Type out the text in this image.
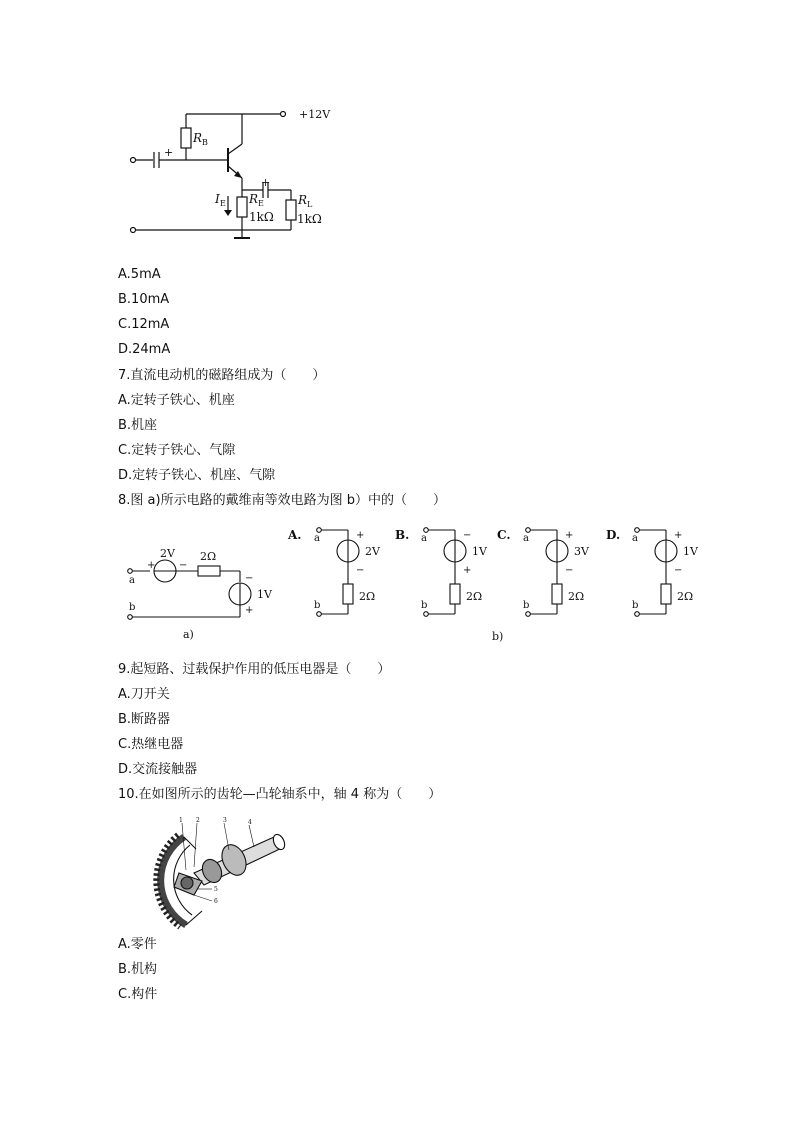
+12V
+
+
R B
R E
1kΩ
R L
1kΩ
I E
A.5mA
B.10mA
C.12mA
D.24mA
7.直流电动机的磁路组成为（　　）
A.定转子铁心、机座
B.机座
C.定转子铁心、气隙
D.定转子铁心、机座、气隙
8.图 a)所示电路的戴维南等效电路为图 b）中的（　　）
2V
+ −
2Ω
−
1V
+
a
b
a)
A. a
b
+
2V
−
2Ω
B. a
b
−
1V
+
2Ω
C. a
b
+
3V
−
2Ω
D. a
b
+
1V
−
2Ω
b)
9.起短路、过载保护作用的低压电器是（　　）
A.刀开关
B.断路器
C.热继电器
D.交流接触器
10.在如图所示的齿轮—凸轮轴系中，轴 4 称为（　　）
1 2	3	4
5
6
A.零件
B.机构
C.构件
